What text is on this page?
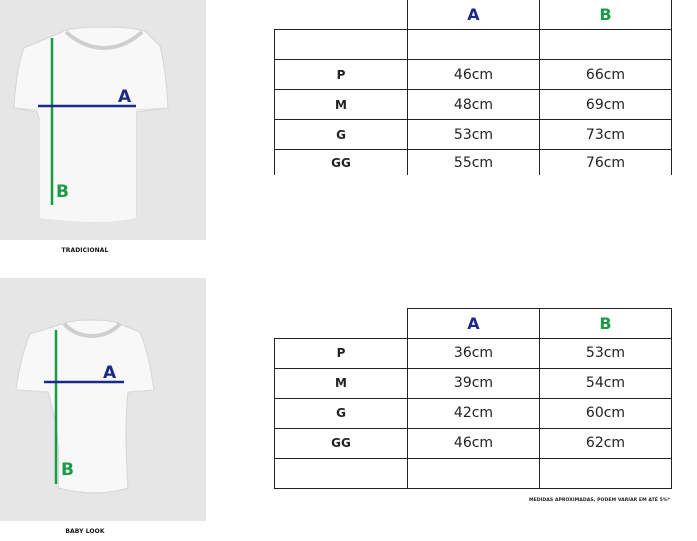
A
B
TRADICIONAL
	A	B

P	46cm	66cm
M	48cm	69cm
G	53cm	73cm
GG	55cm	76cm
A
B
BABY LOOK
	A	B
P	36cm	53cm
M	39cm	54cm
G	42cm	60cm
GG	46cm	62cm

MEDIDAS APROXIMADAS, PODEM VARIAR EM ATÉ 5%*
